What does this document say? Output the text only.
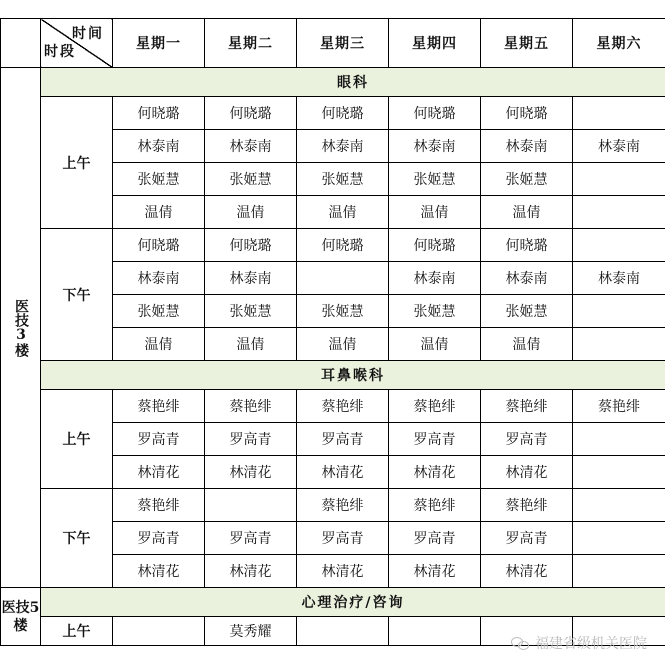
	时间
时段	星期一	星期二	星期三	星期四	星期五	星期六
医技3楼	眼科						
	上午	何晓璐	何晓璐	何晓璐	何晓璐	何晓璐	
		林泰南	林泰南	林泰南	林泰南	林泰南	林泰南
		张姬慧	张姬慧	张姬慧	张姬慧	张姬慧	
		温倩	温倩	温倩	温倩	温倩	
	下午	何晓璐	何晓璐	何晓璐	何晓璐	何晓璐	
		林泰南	林泰南		林泰南	林泰南	林泰南
		张姬慧	张姬慧	张姬慧	张姬慧	张姬慧	
		温倩	温倩	温倩	温倩	温倩	
	耳鼻喉科						
	上午	蔡艳绯	蔡艳绯	蔡艳绯	蔡艳绯	蔡艳绯	蔡艳绯
		罗高青	罗高青	罗高青	罗高青	罗高青	
		林清花	林清花	林清花	林清花	林清花	
	下午	蔡艳绯		蔡艳绯	蔡艳绯	蔡艳绯	
		罗高青	罗高青	罗高青	罗高青	罗高青	
		林清花	林清花	林清花	林清花	林清花	
医技5楼	心理治疗/咨询						
	上午		莫秀耀				
福建省级机关医院
